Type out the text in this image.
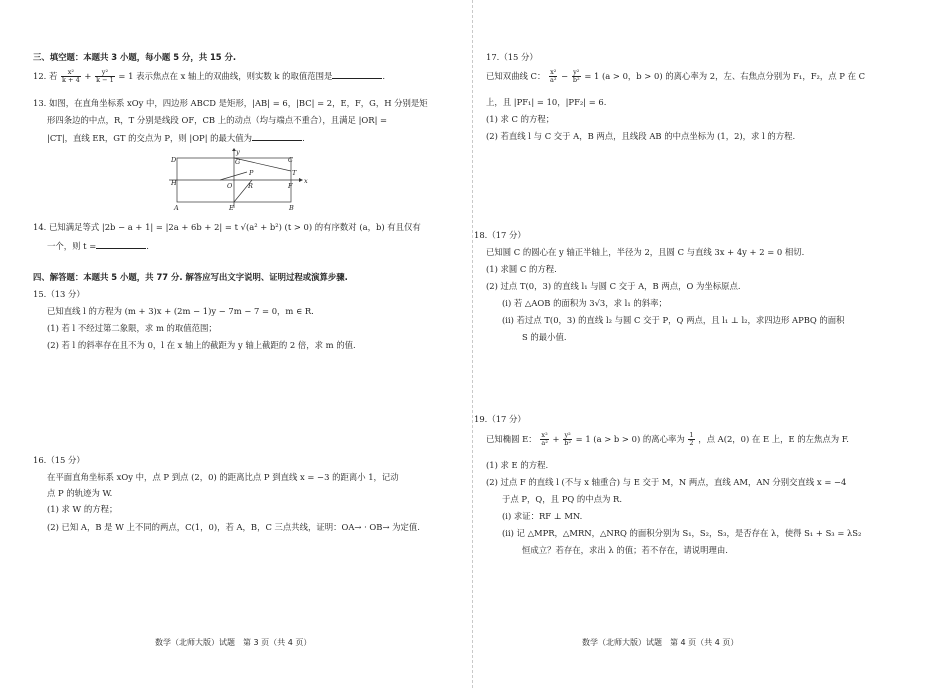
三、填空题：本题共 3 小题，每小题 5 分，共 15 分.
12. 若 $\frac{\text{x²}}{k + 4} + \frac{\text{y²}}{k - 1} = 1$ 表示焦点在 x 轴上的双曲线，则实数 k 的取值范围是	.
13. 如图，在直角坐标系 xOy 中，四边形 ABCD 是矩形，|AB| = 6，|BC| = 2，E，F，G，H 分别是矩
形四条边的中点，R，T 分别是线段 OF，CB 上的动点（均与端点不重合），且满足 |OR| =
|CT|，直线 ER，GT 的交点为 P，则 |OP| 的最大值为	.
D	G	C
T
P
H	O R	F
x
y
A	E	B
14. 已知满足等式 |2b − a + 1| = |2a + 6b + 2| = t √(a² + b²) (t > 0) 的有序数对 (a，b) 有且仅有
一个，则 t =	.
四、解答题：本题共 5 小题，共 77 分. 解答应写出文字说明、证明过程或演算步骤.
15.（13 分）
已知直线 l 的方程为 (m + 3)x + (2m − 1)y − 7m − 7 = 0，m ∈ R.
(1) 若 l 不经过第二象限，求 m 的取值范围；
(2) 若 l 的斜率存在且不为 0，l 在 x 轴上的截距为 y 轴上截距的 2 倍，求 m 的值.
16.（15 分）
在平面直角坐标系 xOy 中，点 P 到点 (2，0) 的距离比点 P 到直线 x = −3 的距离小 1，记动
点 P 的轨迹为 W.
(1) 求 W 的方程；
(2) 已知 A，B 是 W 上不同的两点，C(1，0)，若 A，B，C 三点共线，证明：OA→ · OB→ 为定值.
数学（北师大版）试题　第 3 页（共 4 页）
17.（15 分）
已知双曲线 C： $\frac{\text{x²}}{\text{a²}} - \frac{\text{y²}}{\text{b²}} = 1$ (a > 0，b > 0) 的离心率为 2，左、右焦点分别为 F₁，F₂，点 P 在 C
上，且 |PF₁| = 10，|PF₂| = 6.
(1) 求 C 的方程；
(2) 若直线 l 与 C 交于 A，B 两点，且线段 AB 的中点坐标为 (1，2)，求 l 的方程.
18.（17 分）
已知圆 C 的圆心在 y 轴正半轴上，半径为 2，且圆 C 与直线 3x + 4y + 2 = 0 相切.
(1) 求圆 C 的方程.
(2) 过点 T(0，3) 的直线 l₁ 与圆 C 交于 A，B 两点，O 为坐标原点.
(ⅰ) 若 △AOB 的面积为 3√3，求 l₁ 的斜率；
(ⅱ) 若过点 T(0，3) 的直线 l₂ 与圆 C 交于 P，Q 两点，且 l₁ ⊥ l₂，求四边形 APBQ 的面积
S 的最小值.
19.（17 分）
已知椭圆 E： $\frac{\text{x²}}{\text{a²}} + \frac{\text{y²}}{\text{b²}} = 1$ (a > b > 0) 的离心率为 $\frac{1}{2}$ ，点 A(2，0) 在 E 上，E 的左焦点为 F.
(1) 求 E 的方程.
(2) 过点 F 的直线 l (不与 x 轴重合) 与 E 交于 M，N 两点，直线 AM，AN 分别交直线 x = −4
于点 P，Q，且 PQ 的中点为 R.
(ⅰ) 求证：RF ⊥ MN.
(ⅱ) 记 △MPR，△MRN，△NRQ 的面积分别为 S₁，S₂，S₃，是否存在 λ，使得 S₁ + S₃ = λS₂
恒成立？若存在，求出 λ 的值；若不存在，请说明理由.
数学（北师大版）试题　第 4 页（共 4 页）
